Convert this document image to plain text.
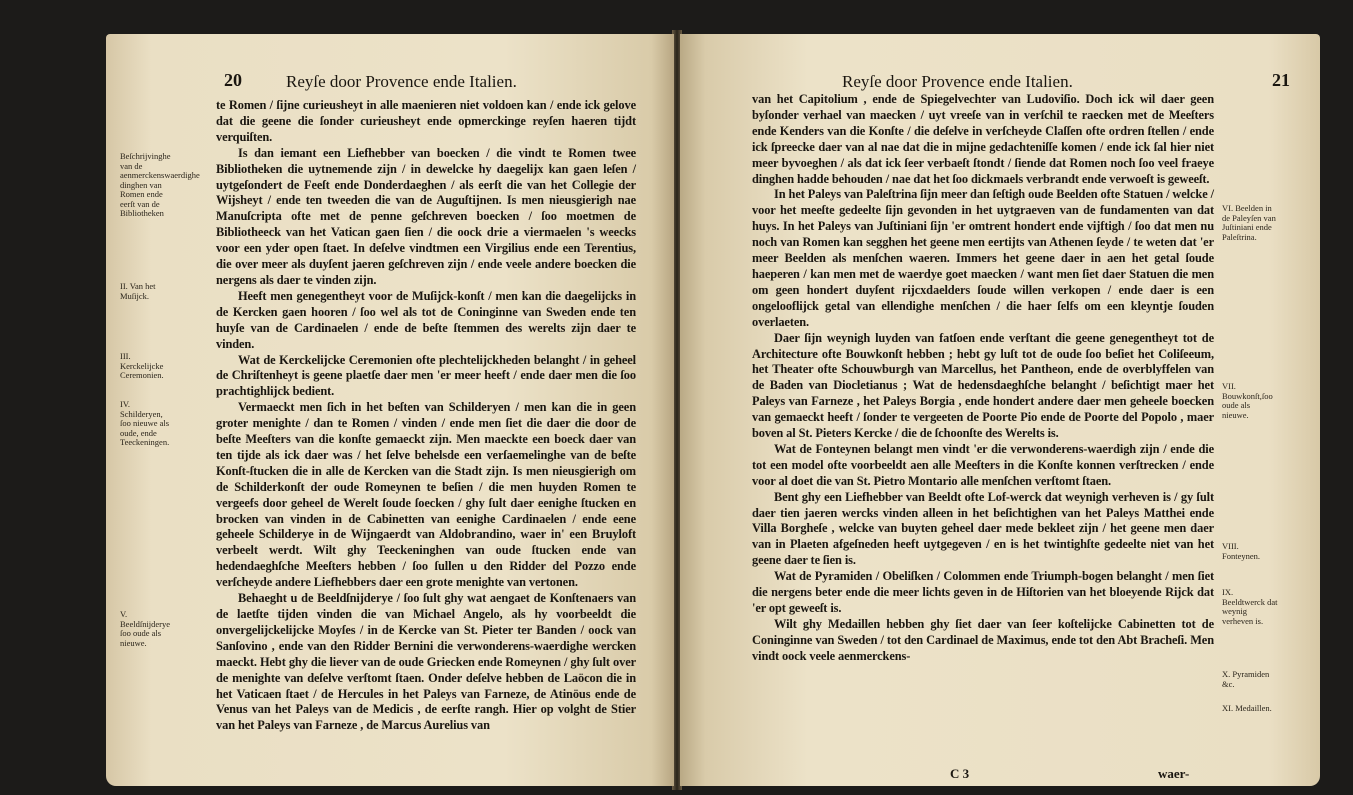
20	Reyſe door Provence ende Italien.

te Romen / ſijne curieusheyt in alle maenieren niet voldoen kan / ende ick gelove dat die geene die ſonder curieusheyt ende opmerckinge reyſen haeren tijdt verquiſten.

Is dan iemant een Liefhebber van boecken / die vindt te Romen twee Bibliotheken die uytnemende zijn / in dewelcke hy daegelijx kan gaen leſen / uytgeſondert de Feeſt ende Donderdaeghen / als eerſt die van het Collegie der Wijsheyt / ende ten tweeden die van de Auguſtijnen. Is men nieusgierigh nae Manuſcripta ofte met de penne geſchreven boecken / ſoo moetmen de Bibliotheeck van het Vatican gaen ſien / die oock drie a viermaelen 's weecks voor een yder open ſtaet. In deſelve vindtmen een Virgilius ende een Terentius, die over meer als duyſent jaeren geſchreven zijn / ende veele andere boecken die nergens als daer te vinden zijn.

Heeft men genegentheyt voor de Muſijck-konſt / men kan die daegelijcks in de Kercken gaen hooren / ſoo wel als tot de Coninginne van Sweden ende ten huyſe van de Cardinaelen / ende de beſte ſtemmen des werelts zijn daer te vinden.

Wat de Kerckelijcke Ceremonien ofte plechtelijckheden belanght / in geheel de Chriſtenheyt is geene plaetſe daer men 'er meer heeft / ende daer men die ſoo prachtighlijck bedient.

Vermaeckt men ſich in het beſten van Schilderyen / men kan die in geen groter menighte / dan te Romen / vinden / ende men ſiet die daer die door de beſte Meeſters van die konſte gemaeckt zijn. Men maeckte een boeck daer van ten tijde als ick daer was / het ſelve behelsde een verſaemelinghe van de beſte Konſt-ſtucken die in alle de Kercken van die Stadt zijn. Is men nieusgierigh om de Schilderkonſt der oude Romeynen te beſien / die men huyden Romen te vergeefs door geheel de Werelt ſoude ſoecken / ghy ſult daer eenighe ſtucken en brocken van vinden in de Cabinetten van eenighe Cardinaelen / ende eene geheele Schilderye in de Wijngaerdt van Aldobrandino, waer in' een Bruyloft verbeelt werdt. Wilt ghy Teeckeninghen van oude ſtucken ende van hedendaeghſche Meeſters hebben / ſoo ſullen u den Ridder del Pozzo ende verſcheyde andere Liefhebbers daer een grote menighte van vertonen.

Behaeght u de Beeldſnijderye / ſoo ſult ghy wat aengaet de Konſtenaers van de laetſte tijden vinden die van Michael Angelo, als hy voorbeeldt die onvergelijckelijcke Moyſes / in de Kercke van St. Pieter ter Banden / oock van Sanſovino , ende van den Ridder Bernini die verwonderens-waerdighe wercken maeckt. Hebt ghy die liever van de oude Griecken ende Romeynen / ghy ſult over de menighte van deſelve verſtomt ſtaen. Onder deſelve hebben de Laöcon die in het Vaticaen ſtaet / de Hercules in het Paleys van Farneze, de Atinöus ende de Venus van het Paleys van de Medicis , de eerſte rangh. Hier op volght de Stier van het Paleys van Farneze , de Marcus Aurelius van

Beſchrijvinghe van de aenmerckenswaerdighe dinghen van Romen ende eerſt van de Bibliotheken
II. Van het Muſijck.
III. Kerckelijcke Ceremonien.
IV. Schilderyen, ſoo nieuwe als oude, ende Teeckeningen.
V. Beeldſnijderye ſoo oude als nieuwe.
Reyſe door Provence ende Italien.	21

van het Capitolium , ende de Spiegelvechter van Ludoviſio. Doch ick wil daer geen byſonder verhael van maecken / uyt vreeſe van in verſchil te raecken met de Meeſters ende Kenders van die Konſte / die deſelve in verſcheyde Claſſen ofte ordren ſtellen / ende ick ſpreecke daer van al nae dat die in mijne gedachteniſſe komen / ende ick ſal hier niet meer byvoeghen / als dat ick ſeer verbaeſt ſtondt / ſiende dat Romen noch ſoo veel fraeye dinghen hadde behouden / nae dat het ſoo dickmaels verbrandt ende verwoeſt is geweeſt.

In het Paleys van Paleſtrina ſijn meer dan ſeſtigh oude Beelden ofte Statuen / welcke / voor het meeſte gedeelte ſijn gevonden in het uytgraeven van de fundamenten van dat huys. In het Paleys van Juſtiniani ſijn 'er omtrent hondert ende vijftigh / ſoo dat men nu noch van Romen kan segghen het geene men eertijts van Athenen ſeyde / te weten dat 'er meer Beelden als menſchen waeren. Immers het geene daer in aen het getal ſoude haeperen / kan men met de waerdye goet maecken / want men ſiet daer Statuen die men om geen hondert duyſent rijcxdaelders ſoude willen verkopen / ende daer is een ongelooflijck getal van ellendighe menſchen / die haer ſelfs om een kleyntje ſouden overlaeten.

Daer ſijn weynigh luyden van fatſoen ende verſtant die geene genegentheyt tot de Architecture ofte Bouwkonſt hebben ; hebt gy luſt tot de oude ſoo beſiet het Coliſeeum, het Theater ofte Schouwburgh van Marcellus, het Pantheon, ende de overblyffelen van de Baden van Diocletianus ; Wat de hedensdaeghſche belanght / beſichtigt maer het Paleys van Farneze , het Paleys Borgia , ende hondert andere daer men geheele boecken van gemaeckt heeft / ſonder te vergeeten de Poorte Pio ende de Poorte del Popolo , maer boven al St. Pieters Kercke / die de ſchoonſte des Werelts is.

Wat de Fonteynen belangt men vindt 'er die verwonderens-waerdigh zijn / ende die tot een model ofte voorbeeldt aen alle Meeſters in die Konſte konnen verſtrecken / ende voor al doet die van St. Pietro Montario alle menſchen verſtomt ſtaen.

Bent ghy een Liefhebber van Beeldt ofte Lof-werck dat weynigh verheven is / gy ſult daer tien jaeren wercks vinden alleen in het beſichtighen van het Paleys Matthei ende Villa Borgheſe , welcke van buyten geheel daer mede bekleet zijn / het geene men daer van in Plaeten afgeſneden heeft uytgegeven / en is het twintighſte gedeelte niet van het geene daer te ſien is.

Wat de Pyramiden / Obeliſken / Colommen ende Triumph-bogen belanght / men ſiet die nergens beter ende die meer lichts geven in de Hiſtorien van het bloeyende Rijck dat 'er opt geweeſt is.

Wilt ghy Medaillen hebben ghy ſiet daer van ſeer koſtelijcke Cabinetten tot de Coninginne van Sweden / tot den Cardinael de Maximus, ende tot den Abt Bracheſi. Men vindt oock veele aenmerckens-

VI. Beelden in de Paleyſen van Juſtiniani ende Paleſtrina.
VII. Bouwkonſt,ſoo oude als nieuwe.
VIII. Fonteynen.
IX. Beeldtwerck dat weynig verheven is.
X. Pyramiden &c.
XI. Medaillen.
C 3	waer-
